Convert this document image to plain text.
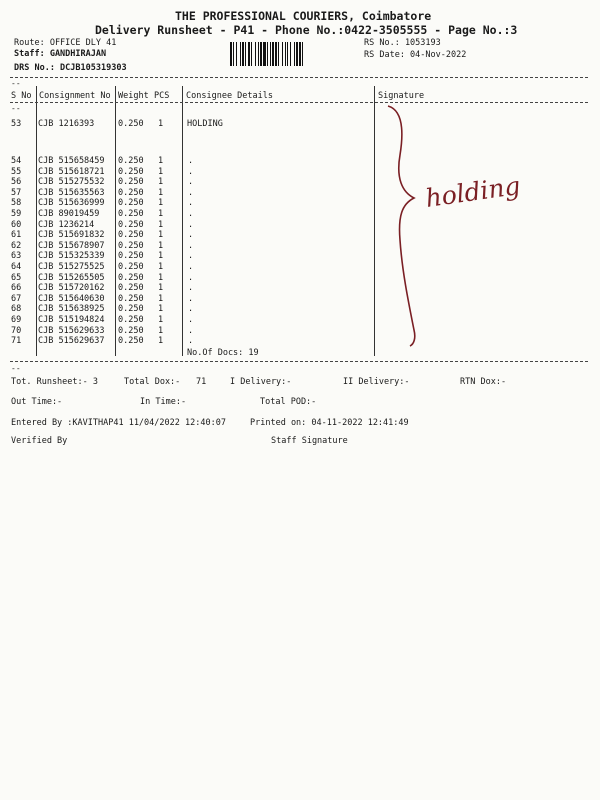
THE PROFESSIONAL COURIERS, Coimbatore
Delivery Runsheet - P41 - Phone No.:0422-3505555 - Page No.:3
Route: OFFICE DLY 41
Staff: GANDHIRAJAN
DRS No.: DCJB105319303
RS No.: 1053193
RS Date: 04-Nov-2022
--
S No Consignment No Weight PCS Consignee Details	Signature
--
53 CJB 1216393	0.250 1	HOLDING
54 CJB 515658459 0.250 1	.
55 CJB 515618721 0.250 1	.
56 CJB 515275532 0.250 1	.
57 CJB 515635563 0.250 1	.
58 CJB 515636999 0.250 1	.
59 CJB 89019459 0.250 1	.
60 CJB 1236214	0.250 1	.
61 CJB 515691832 0.250 1	.
62 CJB 515678907 0.250 1	.
63 CJB 515325339 0.250 1	.
64 CJB 515275525 0.250 1	.
65 CJB 515265505 0.250 1	.
66 CJB 515720162 0.250 1	.
67 CJB 515640630 0.250 1	.
68 CJB 515638925 0.250 1	.
69 CJB 515194824 0.250 1	.
70 CJB 515629633 0.250 1	.
71 CJB 515629637 0.250 1	.
No.Of Docs: 19
holding
--
Tot. Runsheet:- 3	Total Dox:- 71	I Delivery:-	II Delivery:-	RTN Dox:-
Out Time:-	In Time:-	Total POD:-
Entered By :KAVITHAP41 11/04/2022 12:40:07	Printed on: 04-11-2022 12:41:49
Verified By	Staff Signature
